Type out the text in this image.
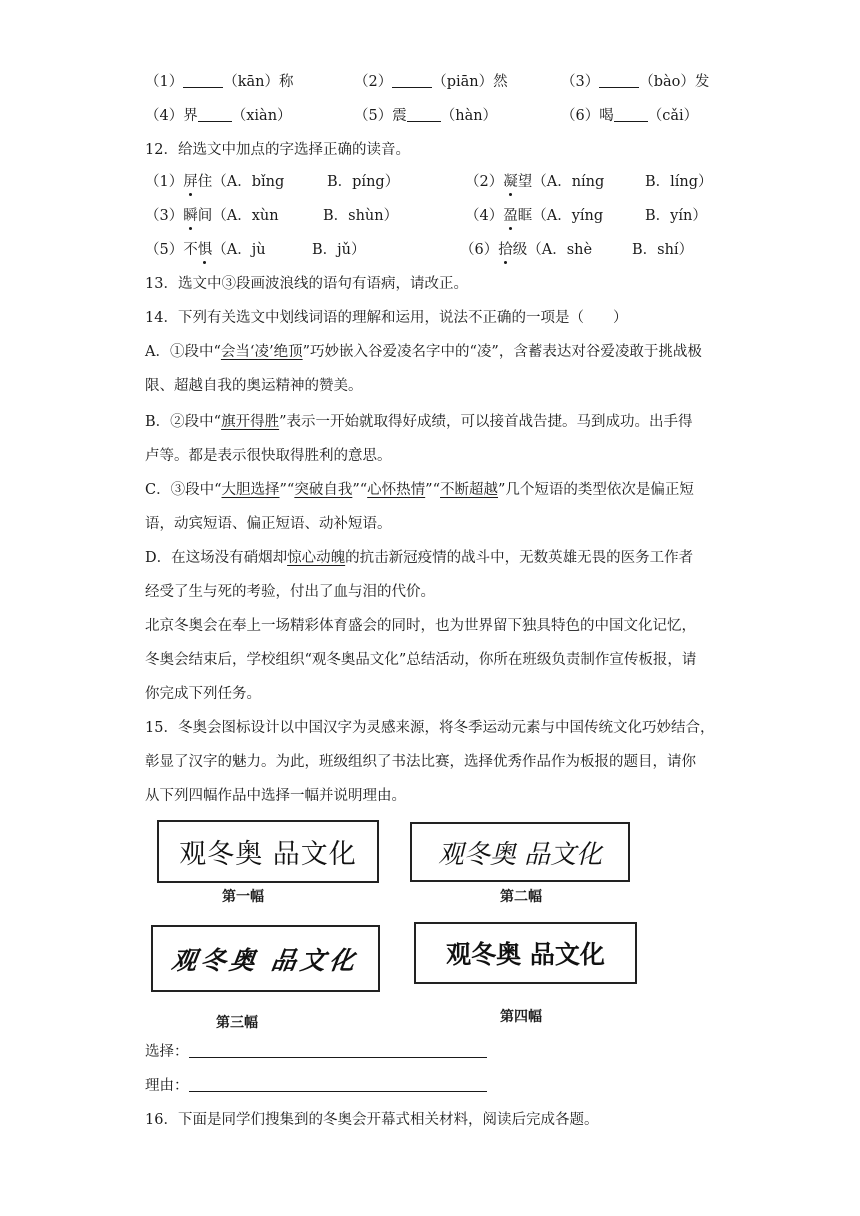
（1）	（kān）称	（2）	（piān）然	（3）	（bào）发
（4）界 （xiàn）	（5）震 （hàn）	（6）喝 （cǎi）
12．给选文中加点的字选择正确的读音。
（1）屏住（A．bǐng	B．píng）	（2）凝望（A．níng	B．líng）
（3）瞬间（A．xùn	B．shùn）	（4）盈眶（A．yíng	B．yín）
（5）不惧（A．jù	B．jǔ）	（6）拾级（A．shè	B．shí）
13．选文中③段画波浪线的语句有语病，请改正。
14．下列有关选文中划线词语的理解和运用，说法不正确的一项是（　　）
A．①段中“会当‘凌’绝顶”巧妙嵌入谷爱凌名字中的“凌”，含蓄表达对谷爱凌敢于挑战极
限、超越自我的奥运精神的赞美。
B．②段中“旗开得胜”表示一开始就取得好成绩，可以接首战告捷。马到成功。出手得
卢等。都是表示很快取得胜利的意思。
C．③段中“大胆选择”“突破自我”“心怀热情”“不断超越”几个短语的类型依次是偏正短
语，动宾短语、偏正短语、动补短语。
D．在这场没有硝烟却惊心动魄的抗击新冠疫情的战斗中，无数英雄无畏的医务工作者
经受了生与死的考验，付出了血与泪的代价。
北京冬奥会在奉上一场精彩体育盛会的同时，也为世界留下独具特色的中国文化记忆，
冬奥会结束后，学校组织“观冬奥品文化”总结活动，你所在班级负责制作宣传板报，请
你完成下列任务。
15．冬奥会图标设计以中国汉字为灵感来源，将冬季运动元素与中国传统文化巧妙结合，
彰显了汉字的魅力。为此，班级组织了书法比赛，选择优秀作品作为板报的题目，请你
从下列四幅作品中选择一幅并说明理由。
观冬奥 品文化
第一幅
观冬奥 品文化
第二幅
观冬奥 品文化
第三幅
观冬奥 品文化
第四幅
选择：
理由：
16．下面是同学们搜集到的冬奥会开幕式相关材料，阅读后完成各题。
